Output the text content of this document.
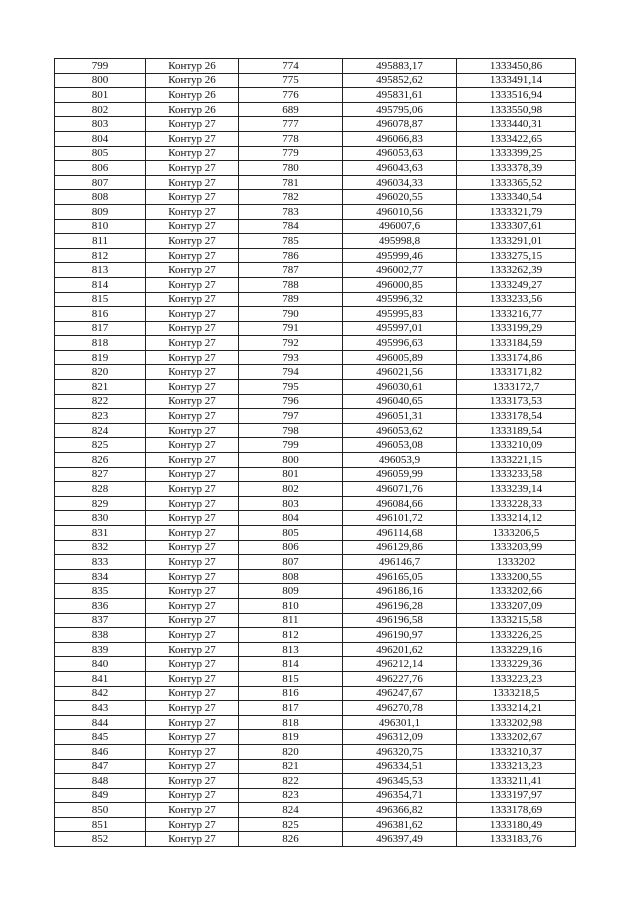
799	Контур 26	774	495883,17	1333450,86
800	Контур 26	775	495852,62	1333491,14
801	Контур 26	776	495831,61	1333516,94
802	Контур 26	689	495795,06	1333550,98
803	Контур 27	777	496078,87	1333440,31
804	Контур 27	778	496066,83	1333422,65
805	Контур 27	779	496053,63	1333399,25
806	Контур 27	780	496043,63	1333378,39
807	Контур 27	781	496034,33	1333365,52
808	Контур 27	782	496020,55	1333340,54
809	Контур 27	783	496010,56	1333321,79
810	Контур 27	784	496007,6	1333307,61
811	Контур 27	785	495998,8	1333291,01
812	Контур 27	786	495999,46	1333275,15
813	Контур 27	787	496002,77	1333262,39
814	Контур 27	788	496000,85	1333249,27
815	Контур 27	789	495996,32	1333233,56
816	Контур 27	790	495995,83	1333216,77
817	Контур 27	791	495997,01	1333199,29
818	Контур 27	792	495996,63	1333184,59
819	Контур 27	793	496005,89	1333174,86
820	Контур 27	794	496021,56	1333171,82
821	Контур 27	795	496030,61	1333172,7
822	Контур 27	796	496040,65	1333173,53
823	Контур 27	797	496051,31	1333178,54
824	Контур 27	798	496053,62	1333189,54
825	Контур 27	799	496053,08	1333210,09
826	Контур 27	800	496053,9	1333221,15
827	Контур 27	801	496059,99	1333233,58
828	Контур 27	802	496071,76	1333239,14
829	Контур 27	803	496084,66	1333228,33
830	Контур 27	804	496101,72	1333214,12
831	Контур 27	805	496114,68	1333206,5
832	Контур 27	806	496129,86	1333203,99
833	Контур 27	807	496146,7	1333202
834	Контур 27	808	496165,05	1333200,55
835	Контур 27	809	496186,16	1333202,66
836	Контур 27	810	496196,28	1333207,09
837	Контур 27	811	496196,58	1333215,58
838	Контур 27	812	496190,97	1333226,25
839	Контур 27	813	496201,62	1333229,16
840	Контур 27	814	496212,14	1333229,36
841	Контур 27	815	496227,76	1333223,23
842	Контур 27	816	496247,67	1333218,5
843	Контур 27	817	496270,78	1333214,21
844	Контур 27	818	496301,1	1333202,98
845	Контур 27	819	496312,09	1333202,67
846	Контур 27	820	496320,75	1333210,37
847	Контур 27	821	496334,51	1333213,23
848	Контур 27	822	496345,53	1333211,41
849	Контур 27	823	496354,71	1333197,97
850	Контур 27	824	496366,82	1333178,69
851	Контур 27	825	496381,62	1333180,49
852	Контур 27	826	496397,49	1333183,76
